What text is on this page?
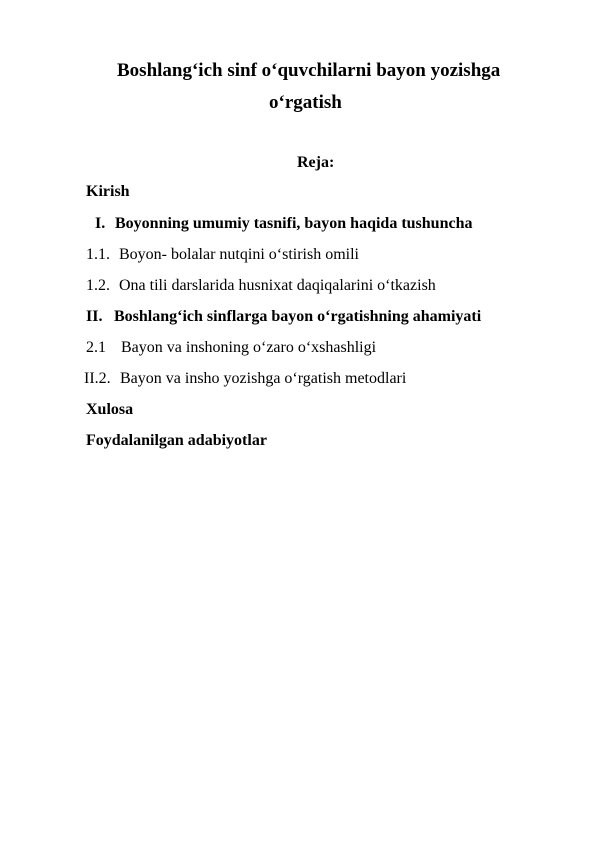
Boshlang‘ich sinf o‘quvchilarni bayon yozishga
o‘rgatish
Reja:
Kirish
I. Boyonning umumiy tasnifi, bayon haqida tushuncha
1.1. Boyon- bolalar nutqini o‘stirish omili
1.2. Ona tili darslarida husnixat daqiqalarini o‘tkazish
II. Boshlang‘ich sinflarga bayon o‘rgatishning ahamiyati
2.1 Bayon va inshoning o‘zaro o‘xshashligi
II.2. Bayon va insho yozishga o‘rgatish metodlari
Xulosa
Foydalanilgan adabiyotlar
